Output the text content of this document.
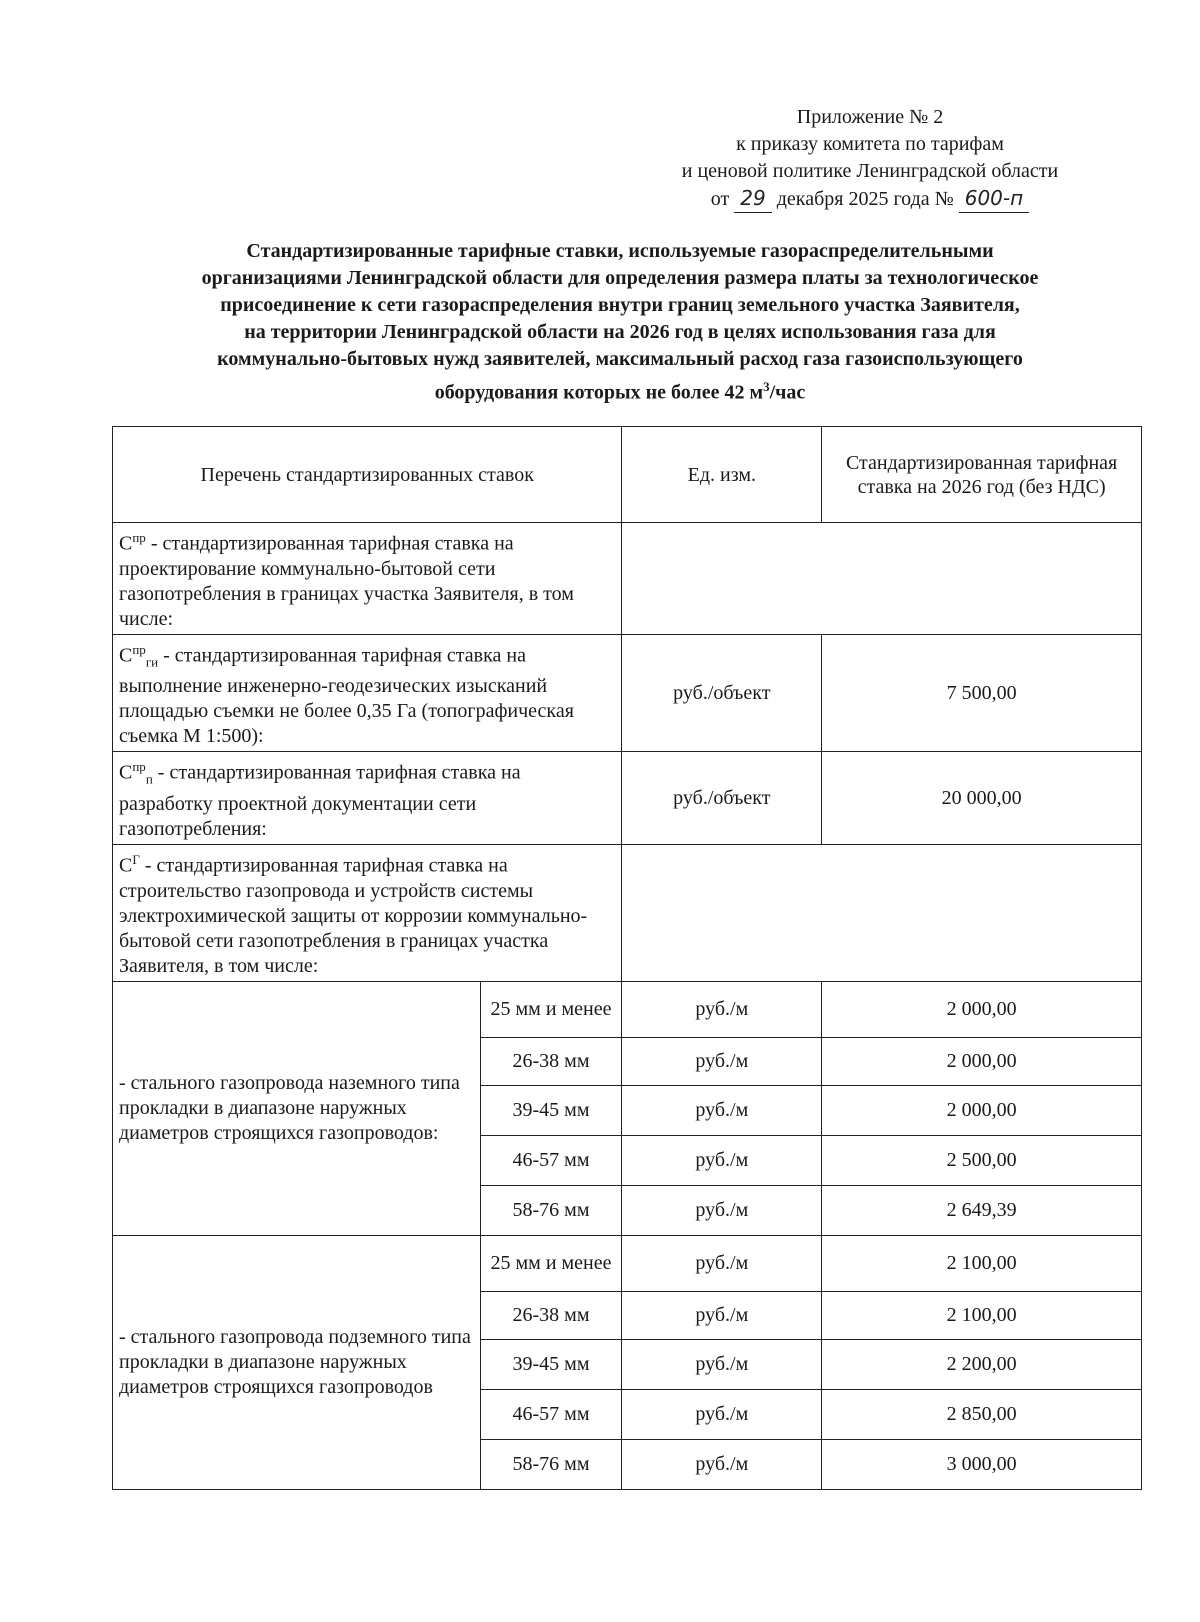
Приложение № 2
к приказу комитета по тарифам
и ценовой политике Ленинградской области
от 29 декабря 2025 года № 600-п
Стандартизированные тарифные ставки, используемые газораспределительными
организациями Ленинградской области для определения размера платы за технологическое
присоединение к сети газораспределения внутри границ земельного участка Заявителя,
на территории Ленинградской области на 2026 год в целях использования газа для
коммунально-бытовых нужд заявителей, максимальный расход газа газоиспользующего
оборудования которых не более 42 $м^3$/час
Перечень стандартизированных ставок		Ед. изм.	Стандартизированная тарифная ставка на 2026 год (без НДС)
$С^{пр}$ - стандартизированная тарифная ставка на проектирование коммунально-бытовой сети газопотребления в границах участка Заявителя, в том числе:			
$С^{пр}_{ги}$ - стандартизированная тарифная ставка на выполнение инженерно-геодезических изысканий площадью съемки не более 0,35 Га (топографическая съемка М 1:500):		руб./объект	7 500,00
$С^{пр}_п$ - стандартизированная тарифная ставка на разработку проектной документации сети газопотребления:		руб./объект	20 000,00
$С^Г$ - стандартизированная тарифная ставка на строительство газопровода и устройств системы электрохимической защиты от коррозии коммунально-бытовой сети газопотребления в границах участка Заявителя, в том числе:			
- стального газопровода наземного типа прокладки в диапазоне наружных диаметров строящихся газопроводов:	25 мм и менее	руб./м	2 000,00
	26-38 мм	руб./м	2 000,00
	39-45 мм	руб./м	2 000,00
	46-57 мм	руб./м	2 500,00
	58-76 мм	руб./м	2 649,39
- стального газопровода подземного типа прокладки в диапазоне наружных диаметров строящихся газопроводов	25 мм и менее	руб./м	2 100,00
	26-38 мм	руб./м	2 100,00
	39-45 мм	руб./м	2 200,00
	46-57 мм	руб./м	2 850,00
	58-76 мм	руб./м	3 000,00
